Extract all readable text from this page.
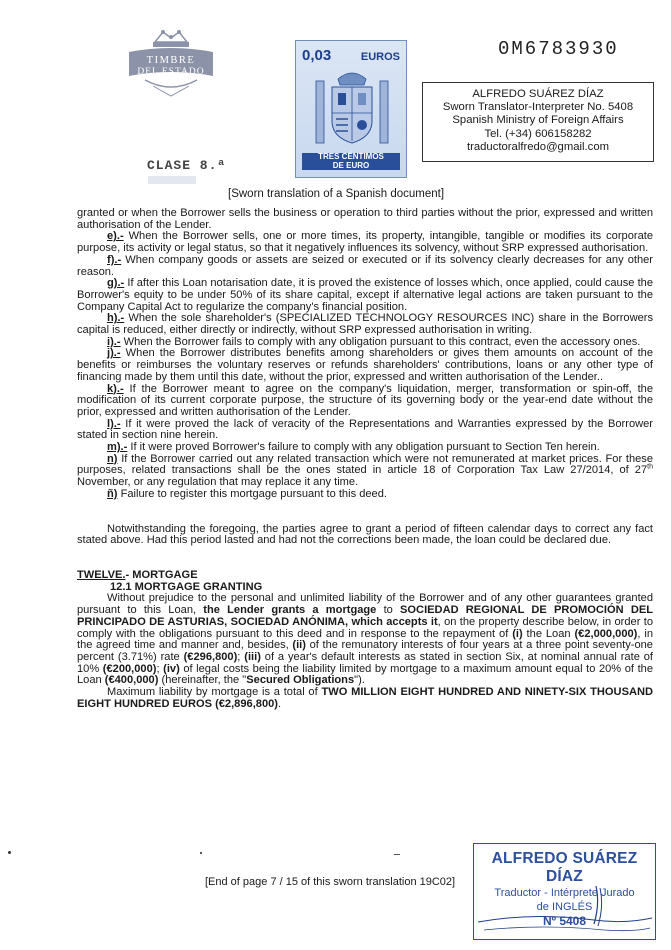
TIMBRE
DEL ESTADO
0,03	EUROS
TRES CÉNTIMOS
DE EURO
0M6783930
ALFREDO SUÁREZ DÍAZ
Sworn Translator-Interpreter No. 5408
Spanish Ministry of Foreign Affairs
Tel. (+34) 606158282
traductoralfredo@gmail.com
CLASE 8.ª
[Sworn translation of a Spanish document]

granted or when the Borrower sells the business or operation to third parties without the prior, expressed and written authorisation of the Lender.

e).- When the Borrower sells, one or more times, its property, intangible, tangible or modifies its corporate purpose, its activity or legal status, so that it negatively influences its solvency, without SRP expressed authorisation.

f).- When company goods or assets are seized or executed or if its solvency clearly decreases for any other reason.

g).- If after this Loan notarisation date, it is proved the existence of losses which, once applied, could cause the Borrower's equity to be under 50% of its share capital, except if alternative legal actions are taken pursuant to the Company Capital Act to regularize the company's financial position.

h).- When the sole shareholder's (SPECIALIZED TECHNOLOGY RESOURCES INC) share in the Borrowers capital is reduced, either directly or indirectly, without SRP expressed authorisation in writing.

i).- When the Borrower fails to comply with any obligation pursuant to this contract, even the accessory ones.

j).- When the Borrower distributes benefits among shareholders or gives them amounts on account of the benefits or reimburses the voluntary reserves or refunds shareholders' contributions, loans or any other type of financing made by them until this date, without the prior, expressed and written authorisation of the Lender..

k).- If the Borrower meant to agree on the company's liquidation, merger, transformation or spin-off, the modification of its current corporate purpose, the structure of its governing body or the year-end date without the prior, expressed and written authorisation of the Lender.

l).- If it were proved the lack of veracity of the Representations and Warranties expressed by the Borrower stated in section nine herein.

m).- If it were proved Borrower's failure to comply with any obligation pursuant to Section Ten herein.

n) If the Borrower carried out any related transaction which were not remunerated at market prices. For these purposes, related transactions shall be the ones stated in article 18 of Corporation Tax Law 27/2014, of 27th November, or any regulation that may replace it any time.

ñ) Failure to register this mortgage pursuant to this deed.

Notwithstanding the foregoing, the parties agree to grant a period of fifteen calendar days to correct any fact stated above. Had this period lasted and had not the corrections been made, the loan could be declared due.

TWELVE.- MORTGAGE

12.1 MORTGAGE GRANTING

Without prejudice to the personal and unlimited liability of the Borrower and of any other guarantees granted pursuant to this Loan, the Lender grants a mortgage to SOCIEDAD REGIONAL DE PROMOCIÓN DEL PRINCIPADO DE ASTURIAS, SOCIEDAD ANÓNIMA, which accepts it, on the property describe below, in order to comply with the obligations pursuant to this deed and in response to the repayment of (i) the Loan (€2,000,000), in the agreed time and manner and, besides, (ii) of the remunatory interests of four years at a three point seventy-one percent (3.71%) rate (€296,800); (iii) of a year's default interests as stated in section Six, at nominal annual rate of 10% (€200,000); (iv) of legal costs being the liability limited by mortgage to a maximum amount equal to 20% of the Loan (€400,000) (hereinafter, the "Secured Obligations").

Maximum liability by mortgage is a total of TWO MILLION EIGHT HUNDRED AND NINETY-SIX THOUSAND EIGHT HUNDRED EUROS (€2,896,800).

[End of page 7 / 15 of this sworn translation 19C02]
ALFREDO SUÁREZ DÍAZ
Traductor - Intérprete Jurado
de INGLÉS
Nº 5408
